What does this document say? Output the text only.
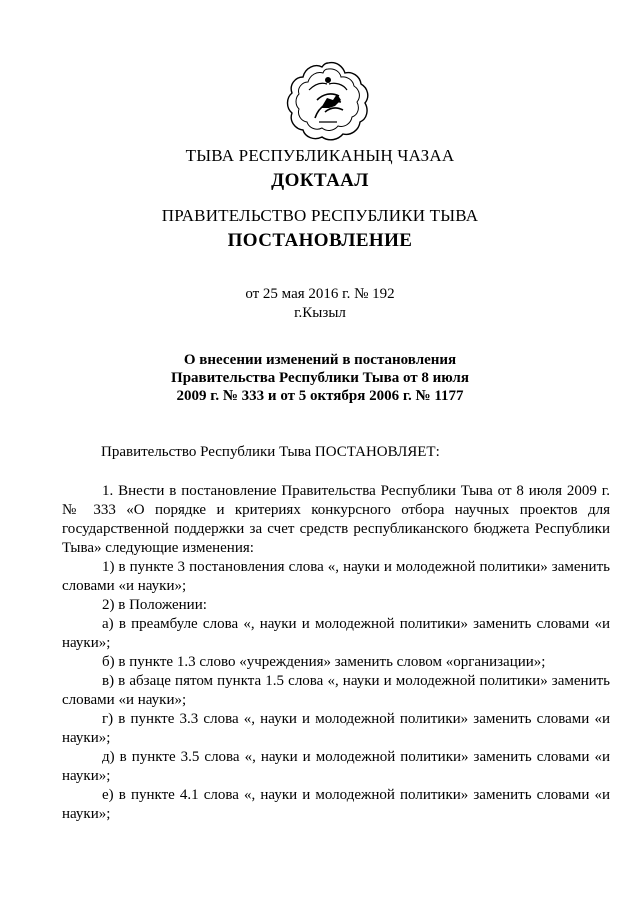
ТЫВА РЕСПУБЛИКАНЫҢ ЧАЗАА
ДОКТААЛ
ПРАВИТЕЛЬСТВО РЕСПУБЛИКИ ТЫВА
ПОСТАНОВЛЕНИЕ
от 25 мая 2016 г. № 192
г.Кызыл
О внесении изменений в постановления
Правительства Республики Тыва от 8 июля
2009 г. № 333 и от 5 октября 2006 г. № 1177
Правительство Республики Тыва ПОСТАНОВЛЯЕТ:

1. Внести в постановление Правительства Республики Тыва от 8 июля 2009 г. № 333 «О порядке и критериях конкурсного отбора научных проектов для государственной поддержки за счет средств республиканского бюджета Республики Тыва» следующие изменения:

1) в пункте 3 постановления слова «, науки и молодежной политики» заменить словами «и науки»;

2) в Положении:

а) в преамбуле слова «, науки и молодежной политики» заменить словами «и науки»;

б) в пункте 1.3 слово «учреждения» заменить словом «организации»;

в) в абзаце пятом пункта 1.5 слова «, науки и молодежной политики» заменить словами «и науки»;

г) в пункте 3.3 слова «, науки и молодежной политики» заменить словами «и науки»;

д) в пункте 3.5 слова «, науки и молодежной политики» заменить словами «и науки»;

е) в пункте 4.1 слова «, науки и молодежной политики» заменить словами «и науки»;
